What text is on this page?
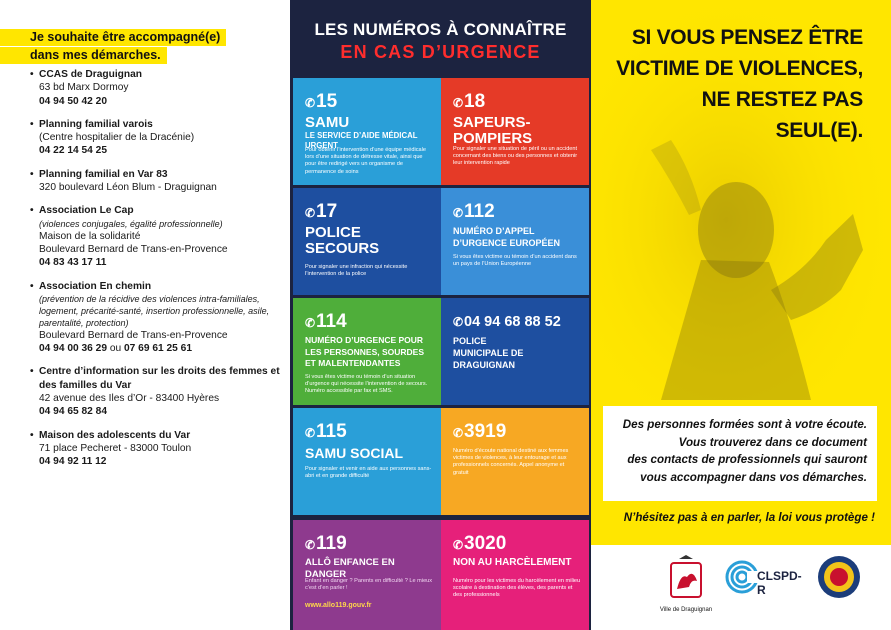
Je souhaite être accompagné(e)
dans mes démarches.
• CCAS de Draguignan
63 bd Marx Dormoy
04 94 50 42 20
• Planning familial varois
(Centre hospitalier de la Dracénie)
04 22 14 54 25
• Planning familial en Var 83
320 boulevard Léon Blum - Draguignan
• Association Le Cap
(violences conjugales, égalité professionnelle)
Maison de la solidarité
Boulevard Bernard de Trans-en-Provence
04 83 43 17 11
• Association En chemin
(prévention de la récidive des violences intra-familiales, logement, précarité-santé, insertion professionnelle, asile, parentalité, protection)
Boulevard Bernard de Trans-en-Provence
04 94 00 36 29 ou 07 69 61 25 61
• Centre d’information sur les droits des femmes et des familles du Var
42 avenue des Iles d’Or - 83400 Hyères
04 94 65 82 84
• Maison des adolescents du Var
71 place Pecheret - 83000 Toulon
04 94 92 11 12
LES NUMÉROS À CONNAÎTRE
EN CAS D’URGENCE
✆15
SAMU
LE SERVICE D’AIDE MÉDICAL URGENT
Pour obtenir l’intervention d’une équipe médicale lors d’une situation de détresse vitale, ainsi que pour être redirigé vers un organisme de permanence de soins
✆18
SAPEURS-POMPIERS
Pour signaler une situation de péril ou un accident concernant des biens ou des personnes et obtenir leur intervention rapide
✆17
POLICE SECOURS
Pour signaler une infraction qui nécessite l’intervention de la police
✆112
NUMÉRO D’APPEL D’URGENCE EUROPÉEN
Si vous êtes victime ou témoin d’un accident dans un pays de l’Union Européenne
✆114
NUMÉRO D’URGENCE POUR LES PERSONNES, SOURDES ET MALENTENDANTES
Si vous êtes victime ou témoin d’un situation d’urgence qui nécessite l’intervention de secours. Numéro accessible par fax et SMS.
✆04 94 68 88 52
POLICE MUNICIPALE DE DRAGUIGNAN
✆115
SAMU SOCIAL
Pour signaler et venir en aide aux personnes sans-abri et en grande difficulté
✆3919
Numéro d’écoute national destiné aux femmes victimes de violences, à leur entourage et aux professionnels concernés. Appel anonyme et gratuit
✆119
ALLÔ ENFANCE EN DANGER
Enfant en danger ? Parents en difficulté ? Le mieux c’est d’en parler !
www.allo119.gouv.fr
✆3020
NON AU HARCÈLEMENT
Numéro pour les victimes du harcèlement en milieu scolaire à destination des élèves, des parents et des professionnels
SI VOUS PENSEZ ÊTRE
VICTIME DE VIOLENCES,
NE RESTEZ PAS
SEUL(E).
Des personnes formées sont à votre écoute.
Vous trouverez dans ce document
des contacts de professionnels qui sauront
vous accompagner dans vos démarches.
N’hésitez pas à en parler, la loi vous protège !
Ville de Draguignan
CLSPD-R
